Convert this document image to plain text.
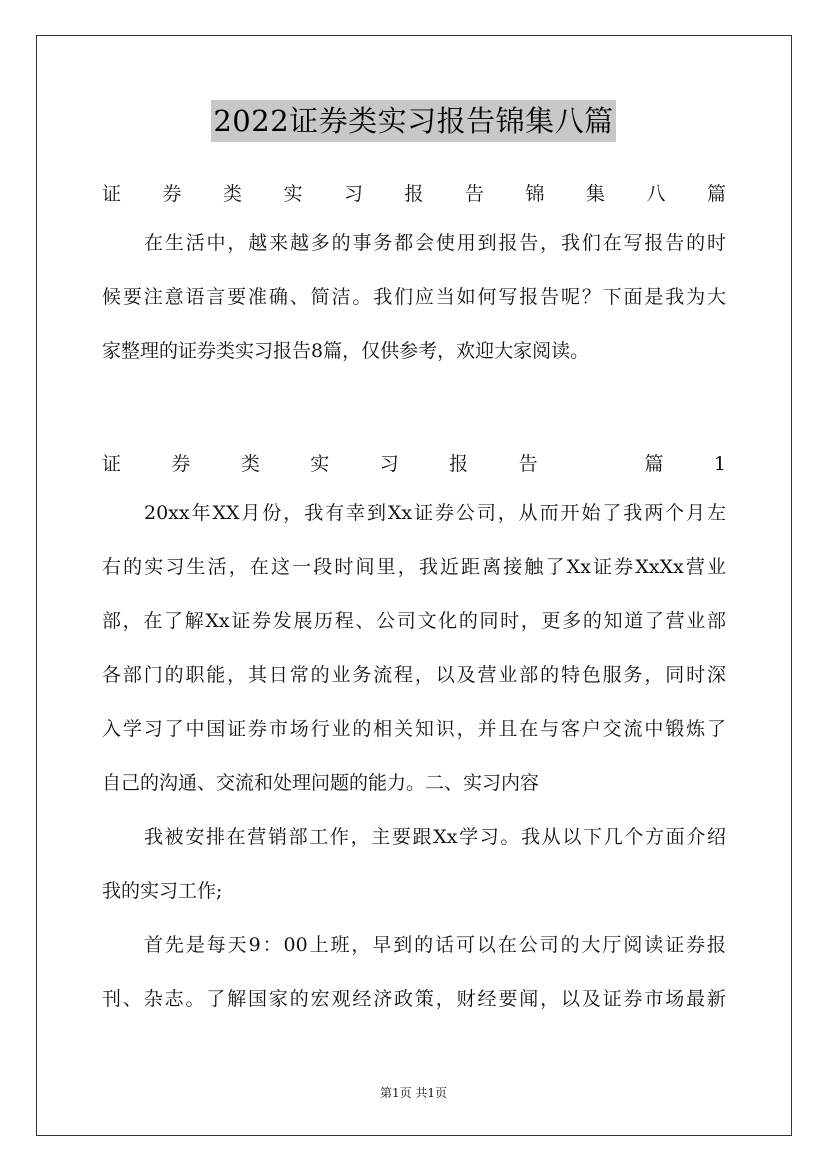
2022证券类实习报告锦集八篇
证券类实习报告锦集八篇
在生活中，越来越多的事务都会使用到报告，我们在写报告的时
候要注意语言要准确、简洁。我们应当如何写报告呢？下面是我为大
家整理的证券类实习报告8篇，仅供参考，欢迎大家阅读。
证券类实习报告 篇1
20xx年XX月份，我有幸到Xx证券公司，从而开始了我两个月左
右的实习生活，在这一段时间里，我近距离接触了Xx证券XxXx营业
部，在了解Xx证券发展历程、公司文化的同时，更多的知道了营业部
各部门的职能，其日常的业务流程，以及营业部的特色服务，同时深
入学习了中国证券市场行业的相关知识，并且在与客户交流中锻炼了
自己的沟通、交流和处理问题的能力。二、实习内容
我被安排在营销部工作，主要跟Xx学习。我从以下几个方面介绍
我的实习工作;
首先是每天9：00上班，早到的话可以在公司的大厅阅读证券报
刊、杂志。了解国家的宏观经济政策，财经要闻，以及证券市场最新
第1页 共1页
